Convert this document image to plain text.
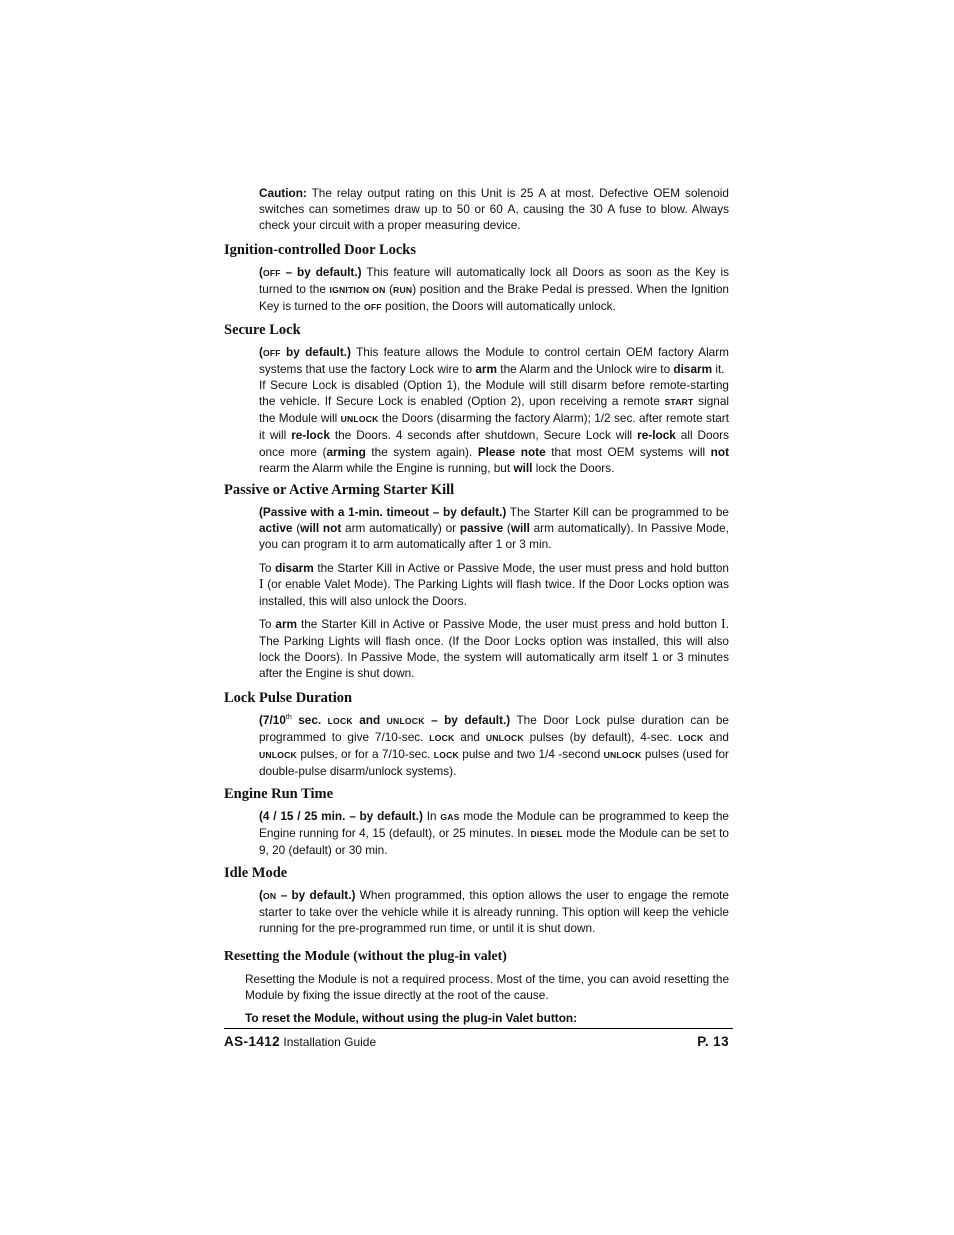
Caution: The relay output rating on this Unit is 25 A at most. Defective OEM solenoid switches can sometimes draw up to 50 or 60 A, causing the 30 A fuse to blow. Always check your circuit with a proper measuring device.

Ignition-controlled Door Locks

(OFF – by default.) This feature will automatically lock all Doors as soon as the Key is turned to the IGNITION ON (RUN) position and the Brake Pedal is pressed. When the Ignition Key is turned to the OFF position, the Doors will automatically unlock.

Secure Lock

(OFF by default.) This feature allows the Module to control certain OEM factory Alarm systems that use the factory Lock wire to arm the Alarm and the Unlock wire to disarm it.
If Secure Lock is disabled (Option 1), the Module will still disarm before remote-starting the vehicle. If Secure Lock is enabled (Option 2), upon receiving a remote START signal the Module will UNLOCK the Doors (disarming the factory Alarm); 1/2 sec. after remote start it will re-lock the Doors. 4 seconds after shutdown, Secure Lock will re-lock all Doors once more (arming the system again). Please note that most OEM systems will not rearm the Alarm while the Engine is running, but will lock the Doors.

Passive or Active Arming Starter Kill

(Passive with a 1-min. timeout – by default.) The Starter Kill can be programmed to be active (will not arm automatically) or passive (will arm automatically). In Passive Mode, you can program it to arm automatically after 1 or 3 min.

To disarm the Starter Kill in Active or Passive Mode, the user must press and hold button I (or enable Valet Mode). The Parking Lights will flash twice. If the Door Locks option was installed, this will also unlock the Doors.

To arm the Starter Kill in Active or Passive Mode, the user must press and hold button I. The Parking Lights will flash once. (If the Door Locks option was installed, this will also lock the Doors). In Passive Mode, the system will automatically arm itself 1 or 3 minutes after the Engine is shut down.

Lock Pulse Duration

(7/10th sec. LOCK and UNLOCK – by default.) The Door Lock pulse duration can be programmed to give 7/10-sec. LOCK and UNLOCK pulses (by default), 4-sec. LOCK and UNLOCK pulses, or for a 7/10-sec. LOCK pulse and two 1/4 -second UNLOCK pulses (used for double-pulse disarm/unlock systems).

Engine Run Time

(4 / 15 / 25 min. – by default.) In GAS mode the Module can be programmed to keep the Engine running for 4, 15 (default), or 25 minutes. In DIESEL mode the Module can be set to 9, 20 (default) or 30 min.

Idle Mode

(ON – by default.) When programmed, this option allows the user to engage the remote starter to take over the vehicle while it is already running. This option will keep the vehicle running for the pre-programmed run time, or until it is shut down.

Resetting the Module (without the plug-in valet)

Resetting the Module is not a required process. Most of the time, you can avoid resetting the Module by fixing the issue directly at the root of the cause.

To reset the Module, without using the plug-in Valet button:

AS-1412 Installation Guide	P. 13
